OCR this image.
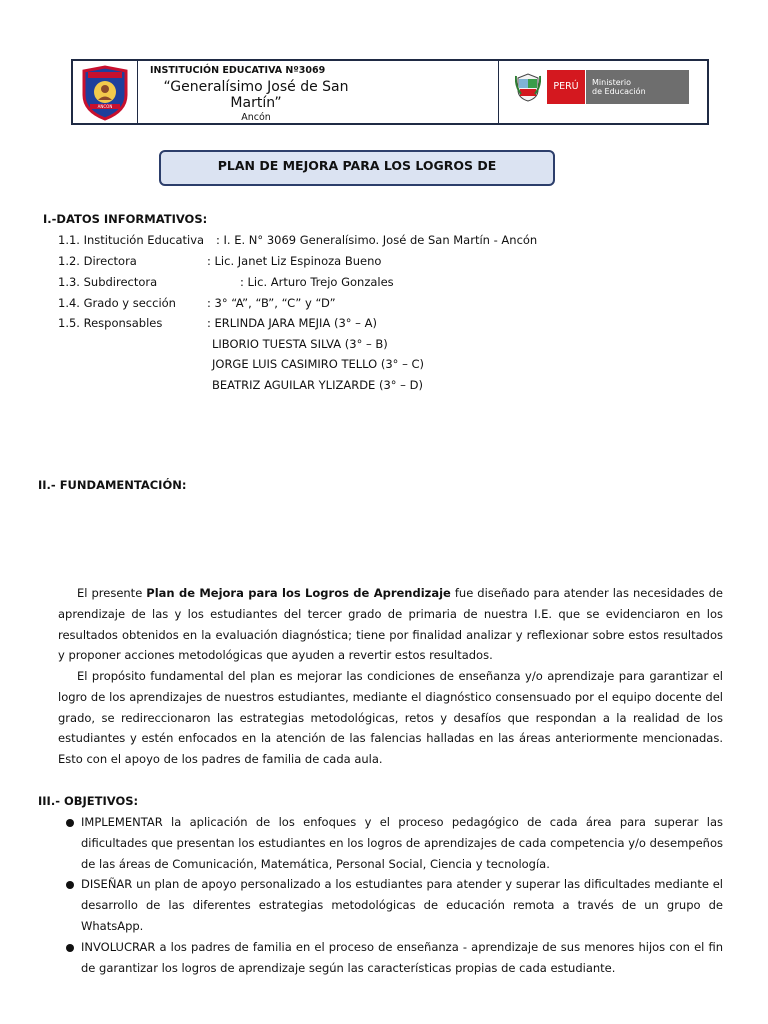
ANCON
INSTITUCIÓN EDUCATIVA Nº3069
“Generalísimo José de San
Martín”
Ancón
PERÚ	Ministerio
de Educación
PLAN DE MEJORA PARA LOS LOGROS DE
I.-DATOS INFORMATIVOS:
1.1. Institución Educativa : I. E. N° 3069 Generalísimo. José de San Martín - Ancón
1.2. Directora	: Lic. Janet Liz Espinoza Bueno
1.3. Subdirectora	: Lic. Arturo Trejo Gonzales
1.4. Grado y sección	: 3° “A”, “B”, “C” y “D”
1.5. Responsables	: ERLINDA JARA MEJIA (3° – A)
LIBORIO TUESTA SILVA (3° – B)
JORGE LUIS CASIMIRO TELLO (3° – C)
BEATRIZ AGUILAR YLIZARDE (3° – D)
II.- FUNDAMENTACIÓN:
El presente Plan de Mejora para los Logros de Aprendizaje fue diseñado para atender las necesidades de aprendizaje de las y los estudiantes del tercer grado de primaria de nuestra I.E. que se evidenciaron en los resultados obtenidos en la evaluación diagnóstica; tiene por finalidad analizar y reflexionar sobre estos resultados y proponer acciones metodológicas que ayuden a revertir estos resultados.
El propósito fundamental del plan es mejorar las condiciones de enseñanza y/o aprendizaje para garantizar el logro de los aprendizajes de nuestros estudiantes, mediante el diagnóstico consensuado por el equipo docente del grado, se redireccionaron las estrategias metodológicas, retos y desafíos que respondan a la realidad de los estudiantes y estén enfocados en la atención de las falencias halladas en las áreas anteriormente mencionadas. Esto con el apoyo de los padres de familia de cada aula.
III.- OBJETIVOS:
IMPLEMENTAR la aplicación de los enfoques y el proceso pedagógico de cada área para superar las dificultades que presentan los estudiantes en los logros de aprendizajes de cada competencia y/o desempeños de las áreas de Comunicación, Matemática, Personal Social, Ciencia y tecnología.
DISEÑAR un plan de apoyo personalizado a los estudiantes para atender y superar las dificultades mediante el desarrollo de las diferentes estrategias metodológicas de educación remota a través de un grupo de WhatsApp.
INVOLUCRAR a los padres de familia en el proceso de enseñanza - aprendizaje de sus menores hijos con el fin de garantizar los logros de aprendizaje según las características propias de cada estudiante.
